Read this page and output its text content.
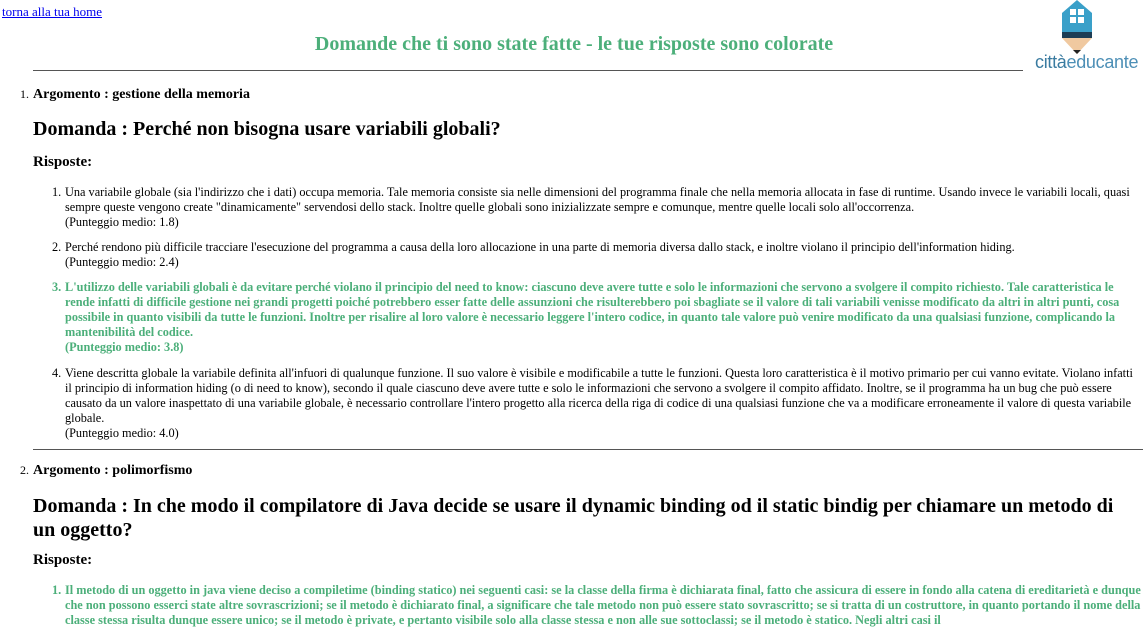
torna alla tua home
cittàeducante
Domande che ti sono state fatte - le tue risposte sono colorate
1. Argomento : gestione della memoria
Domanda : Perché non bisogna usare variabili globali?
Risposte:
1. Una variabile globale (sia l'indirizzo che i dati) occupa memoria. Tale memoria consiste sia nelle dimensioni del programma finale che nella memoria allocata in fase di runtime. Usando invece le variabili locali, quasi sempre queste vengono create "dinamicamente" servendosi dello stack. Inoltre quelle globali sono inizializzate sempre e comunque, mentre quelle locali solo all'occorrenza.
(Punteggio medio: 1.8)
2. Perché rendono più difficile tracciare l'esecuzione del programma a causa della loro allocazione in una parte di memoria diversa dallo stack, e inoltre violano il principio dell'information hiding.
(Punteggio medio: 2.4)
3. L'utilizzo delle variabili globali è da evitare perché violano il principio del need to know: ciascuno deve avere tutte e solo le informazioni che servono a svolgere il compito richiesto. Tale caratteristica le rende infatti di difficile gestione nei grandi progetti poiché potrebbero esser fatte delle assunzioni che risulterebbero poi sbagliate se il valore di tali variabili venisse modificato da altri in altri punti, cosa possibile in quanto visibili da tutte le funzioni. Inoltre per risalire al loro valore è necessario leggere l'intero codice, in quanto tale valore può venire modificato da una qualsiasi funzione, complicando la mantenibilità del codice.
(Punteggio medio: 3.8)
4. Viene descritta globale la variabile definita all'infuori di qualunque funzione. Il suo valore è visibile e modificabile a tutte le funzioni. Questa loro caratteristica è il motivo primario per cui vanno evitate. Violano infatti il principio di information hiding (o di need to know), secondo il quale ciascuno deve avere tutte e solo le informazioni che servono a svolgere il compito affidato. Inoltre, se il programma ha un bug che può essere causato da un valore inaspettato di una variabile globale, è necessario controllare l'intero progetto alla ricerca della riga di codice di una qualsiasi funzione che va a modificare erroneamente il valore di questa variabile globale.
(Punteggio medio: 4.0)
2. Argomento : polimorfismo
Domanda : In che modo il compilatore di Java decide se usare il dynamic binding od il static bindig per chiamare un metodo di un oggetto?
Risposte:
1. Il metodo di un oggetto in java viene deciso a compiletime (binding statico) nei seguenti casi: se la classe della firma è dichiarata final, fatto che assicura di essere in fondo alla catena di ereditarietà e dunque che non possono esserci state altre sovrascrizioni; se il metodo è dichiarato final, a significare che tale metodo non può essere stato sovrascritto; se si tratta di un costruttore, in quanto portando il nome della classe stessa risulta dunque essere unico; se il metodo è private, e pertanto visibile solo alla classe stessa e non alle sue sottoclassi; se il metodo è statico. Negli altri casi il
